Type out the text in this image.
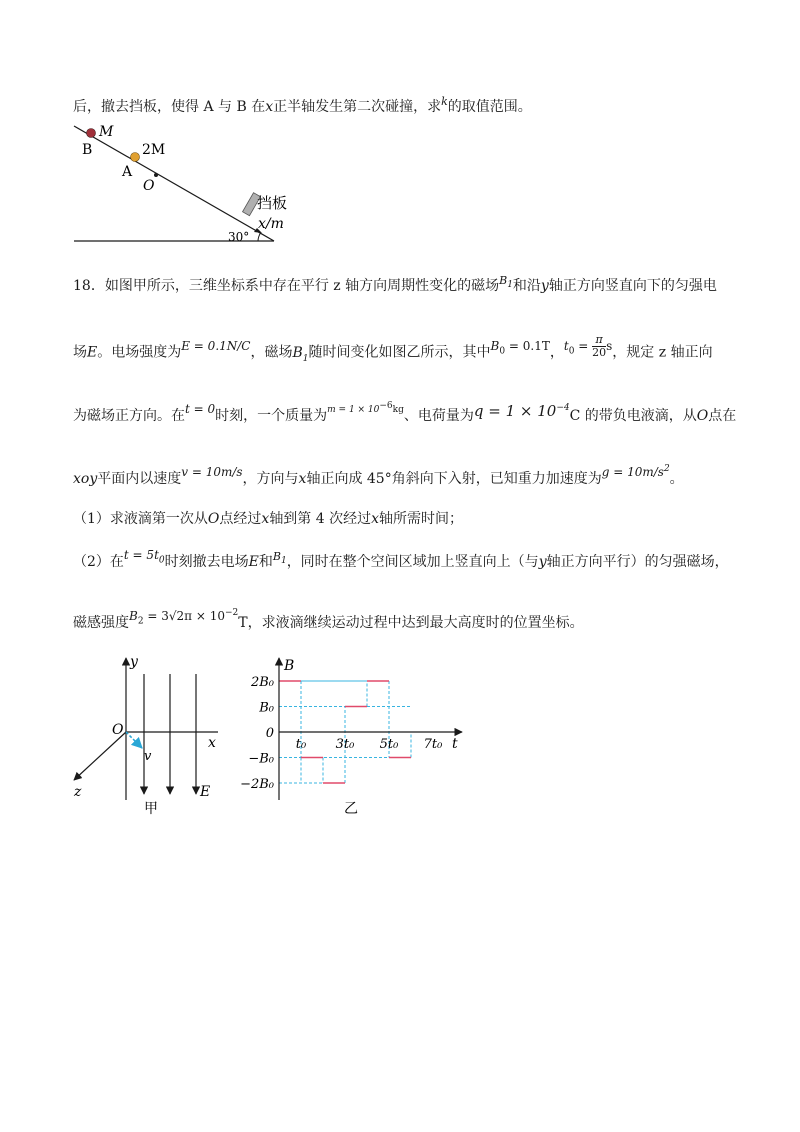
后，撤去挡板，使得 A 与 B 在x正半轴发生第二次碰撞，求$^k$的取值范围。
M
B	2M
A
O
挡板
x/m
30°
18．如图甲所示，三维坐标系中存在平行 z 轴方向周期性变化的磁场$^{B_1}$和沿y轴正方向竖直向下的匀强电
场E。电场强度为E = 0.1N/C，磁场$B_1$随时间变化如图乙所示，其中$B_0 = 0.1T$，$t_0 = \frac{\pi}{20}$ s，规定 z 轴正向
为磁场正方向。在t = 0时刻，一个质量为$^{m = 1 \times 10^{-6}kg}$、电荷量为$q = 1 \times 10^{-4}C$ 的带负电液滴，从O点在
xoy平面内以速度v = 10m/s，方向与x轴正向成 45°角斜向下入射，已知重力加速度为$g = 10m/s^2$。
（1）求液滴第一次从O点经过x轴到第 4 次经过x轴所需时间；
（2）在$t = 5t_0$时刻撤去电场E和$^{B_1}$，同时在整个空间区域加上竖直向上（与y轴正方向平行）的匀强磁场，
磁感强度$B_2 = 3√2\pi \times 10^{-2}T$，求液滴继续运动过程中达到最大高度时的位置坐标。
y
x
z
O
v
E
甲
B
t
2B₀
B₀
0
−B₀
−2B₀
t₀ 3t₀ 5t₀ 7t₀
乙
